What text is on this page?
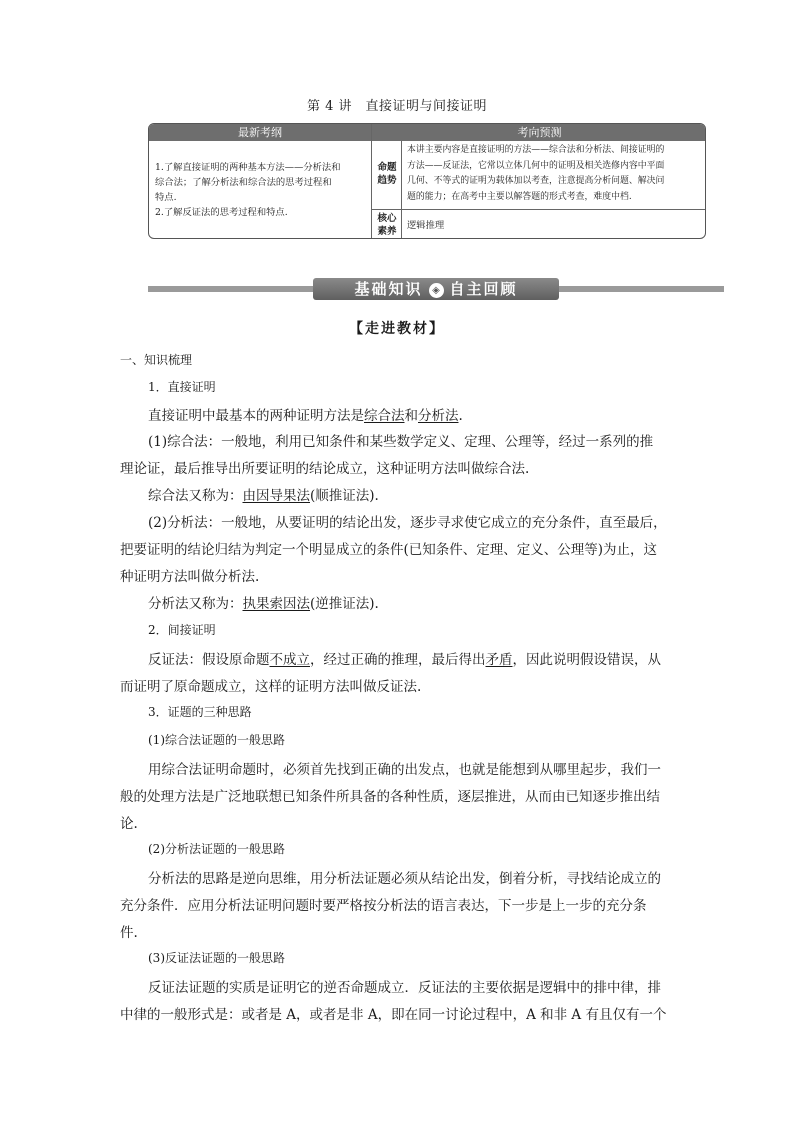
第 4 讲　直接证明与间接证明
最新考纲	考向预测
1.了解直接证明的两种基本方法——分析法和
综合法；了解分析法和综合法的思考过程和
特点.
2.了解反证法的思考过程和特点.
命题
趋势
本讲主要内容是直接证明的方法——综合法和分析法、间接证明的
方法——反证法，它常以立体几何中的证明及相关选修内容中平面
几何、不等式的证明为载体加以考查，注意提高分析问题、解决问
题的能力；在高考中主要以解答题的形式考查，难度中档.
核心
素养
逻辑推理
基础知识 ◈ 自主回顾
【走进教材】
一、知识梳理
1．直接证明
直接证明中最基本的两种证明方法是综合法和分析法.
(1)综合法：一般地，利用已知条件和某些数学定义、定理、公理等，经过一系列的推
理论证，最后推导出所要证明的结论成立，这种证明方法叫做综合法.
综合法又称为：由因导果法(顺推证法).
(2)分析法：一般地，从要证明的结论出发，逐步寻求使它成立的充分条件，直至最后，
把要证明的结论归结为判定一个明显成立的条件(已知条件、定理、定义、公理等)为止，这
种证明方法叫做分析法.
分析法又称为：执果索因法(逆推证法).
2．间接证明
反证法：假设原命题不成立，经过正确的推理，最后得出矛盾，因此说明假设错误，从
而证明了原命题成立，这样的证明方法叫做反证法.
3．证题的三种思路
(1)综合法证题的一般思路
用综合法证明命题时，必须首先找到正确的出发点，也就是能想到从哪里起步，我们一
般的处理方法是广泛地联想已知条件所具备的各种性质，逐层推进，从而由已知逐步推出结
论.
(2)分析法证题的一般思路
分析法的思路是逆向思维，用分析法证题必须从结论出发，倒着分析，寻找结论成立的
充分条件．应用分析法证明问题时要严格按分析法的语言表达，下一步是上一步的充分条
件.
(3)反证法证题的一般思路
反证法证题的实质是证明它的逆否命题成立．反证法的主要依据是逻辑中的排中律，排
中律的一般形式是：或者是 A，或者是非 A，即在同一讨论过程中，A 和非 A 有且仅有一个
